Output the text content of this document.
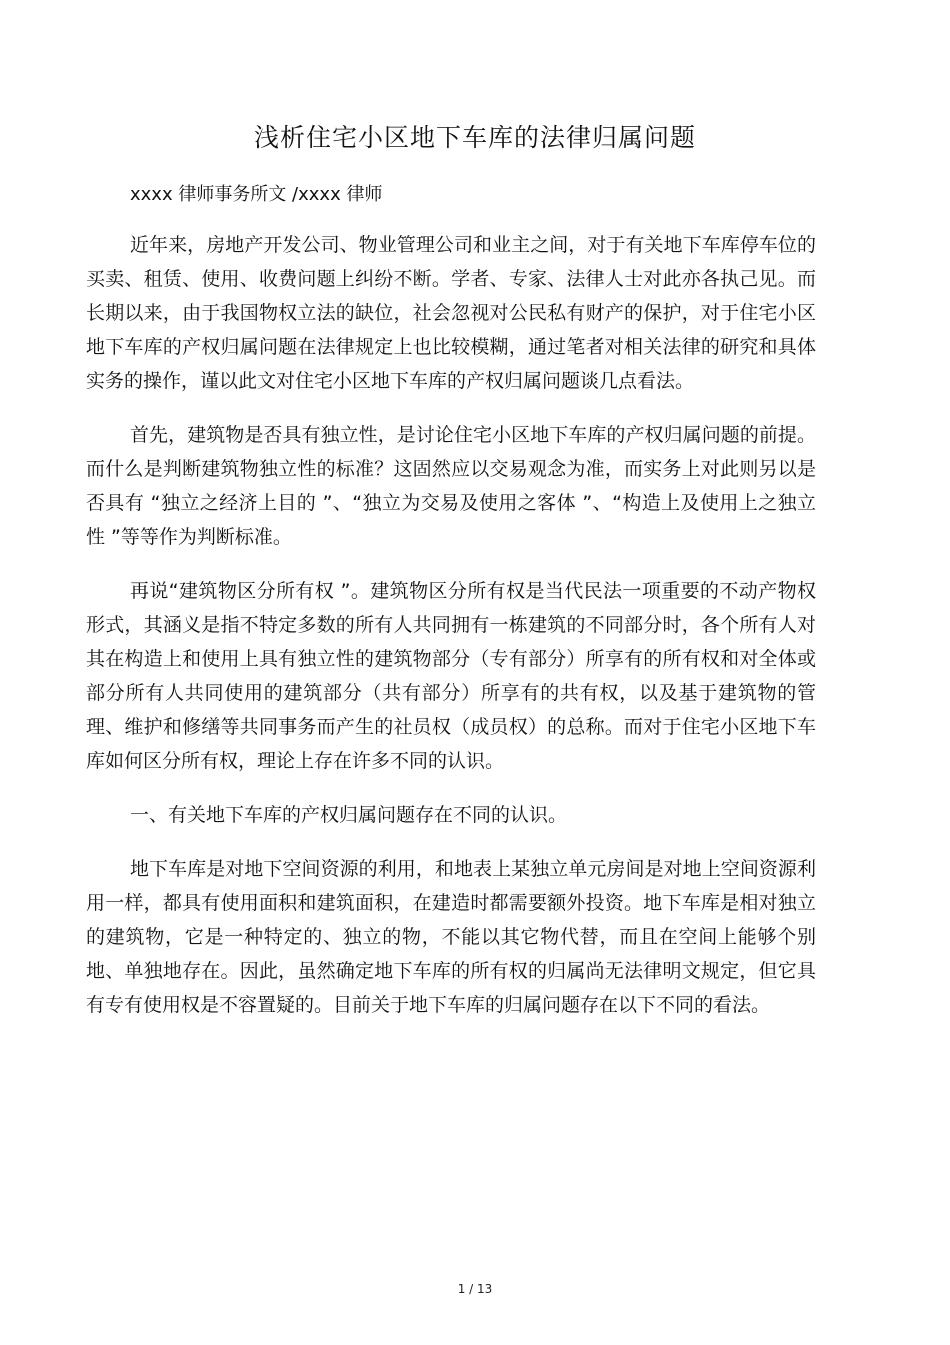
浅析住宅小区地下车库的法律归属问题
xxxx 律师事务所文 /xxxx 律师

近年来，房地产开发公司、物业管理公司和业主之间，对于有关地下车库停车位的买卖、租赁、使用、收费问题上纠纷不断。学者、专家、法律人士对此亦各执己见。而长期以来，由于我国物权立法的缺位，社会忽视对公民私有财产的保护，对于住宅小区地下车库的产权归属问题在法律规定上也比较模糊，通过笔者对相关法律的研究和具体实务的操作，谨以此文对住宅小区地下车库的产权归属问题谈几点看法。

首先，建筑物是否具有独立性，是讨论住宅小区地下车库的产权归属问题的前提。而什么是判断建筑物独立性的标准？这固然应以交易观念为准，而实务上对此则另以是否具有 “独立之经济上目的 ”、“独立为交易及使用之客体 ”、“构造上及使用上之独立性 ”等等作为判断标准。

再说“建筑物区分所有权 ”。建筑物区分所有权是当代民法一项重要的不动产物权形式，其涵义是指不特定多数的所有人共同拥有一栋建筑的不同部分时，各个所有人对其在构造上和使用上具有独立性的建筑物部分（专有部分）所享有的所有权和对全体或部分所有人共同使用的建筑部分（共有部分）所享有的共有权，以及基于建筑物的管理、维护和修缮等共同事务而产生的社员权（成员权）的总称。而对于住宅小区地下车库如何区分所有权，理论上存在许多不同的认识。

一、有关地下车库的产权归属问题存在不同的认识。

地下车库是对地下空间资源的利用，和地表上某独立单元房间是对地上空间资源利用一样，都具有使用面积和建筑面积，在建造时都需要额外投资。地下车库是相对独立的建筑物，它是一种特定的、独立的物，不能以其它物代替，而且在空间上能够个别地、单独地存在。因此，虽然确定地下车库的所有权的归属尚无法律明文规定，但它具有专有使用权是不容置疑的。目前关于地下车库的归属问题存在以下不同的看法。

1 / 13
